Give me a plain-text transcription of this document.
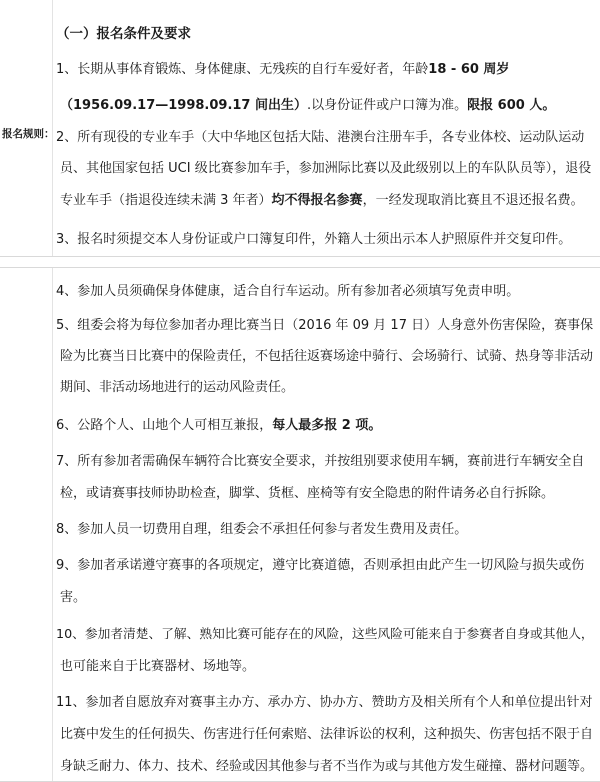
报名规则：
（一）报名条件及要求
1、长期从事体育锻炼、身体健康、无残疾的自行车爱好者，年龄18 - 60 周岁
（1956.09.17—1998.09.17 间出生）.以身份证件或户口簿为准。限报 600 人。
2、所有现役的专业车手（大中华地区包括大陆、港澳台注册车手，各专业体校、运动队运动
员、其他国家包括 UCI 级比赛参加车手，参加洲际比赛以及此级别以上的车队队员等），退役
专业车手（指退役连续未满 3 年者）均不得报名参赛，一经发现取消比赛且不退还报名费。
3、报名时须提交本人身份证或户口簿复印件，外籍人士须出示本人护照原件并交复印件。
4、参加人员须确保身体健康，适合自行车运动。所有参加者必须填写免责申明。
5、组委会将为每位参加者办理比赛当日（2016 年 09 月 17 日）人身意外伤害保险，赛事保
险为比赛当日比赛中的保险责任，不包括往返赛场途中骑行、会场骑行、试骑、热身等非活动
期间、非活动场地进行的运动风险责任。
6、公路个人、山地个人可相互兼报，每人最多报 2 项。
7、所有参加者需确保车辆符合比赛安全要求，并按组别要求使用车辆，赛前进行车辆安全自
检，或请赛事技师协助检查，脚掌、货框、座椅等有安全隐患的附件请务必自行拆除。
8、参加人员一切费用自理，组委会不承担任何参与者发生费用及责任。
9、参加者承诺遵守赛事的各项规定，遵守比赛道德，否则承担由此产生一切风险与损失或伤
害。
10、参加者清楚、了解、熟知比赛可能存在的风险，这些风险可能来自于参赛者自身或其他人，
也可能来自于比赛器材、场地等。
11、参加者自愿放弃对赛事主办方、承办方、协办方、赞助方及相关所有个人和单位提出针对
比赛中发生的任何损失、伤害进行任何索赔、法律诉讼的权利，这种损失、伤害包括不限于自
身缺乏耐力、体力、技术、经验或因其他参与者不当作为或与其他方发生碰撞、器材问题等。
